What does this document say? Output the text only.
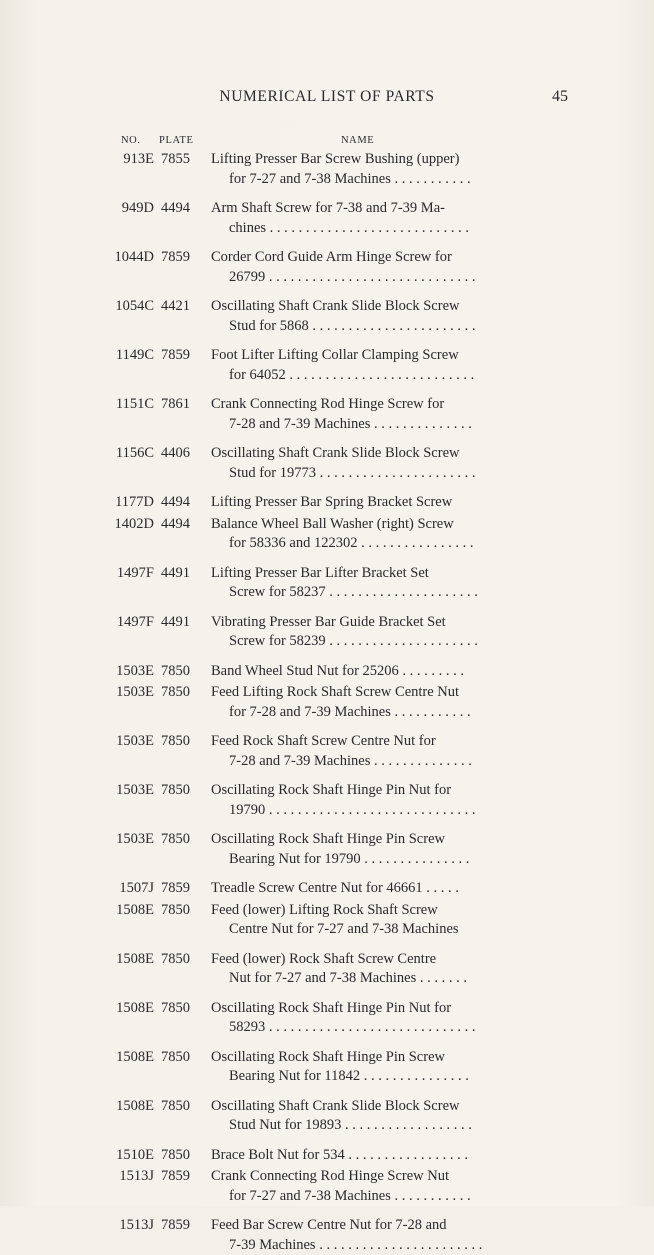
NUMERICAL LIST OF PARTS	45
NO. PLATE	NAME
913E 7855 Lifting Presser Bar Screw Bushing (upper)
for 7-27 and 7-38 Machines . . . . . . . . . . .
949D 4494 Arm Shaft Screw for 7-38 and 7-39 Ma-
chines . . . . . . . . . . . . . . . . . . . . . . . . . . . .
1044D 7859 Corder Cord Guide Arm Hinge Screw for
26799 . . . . . . . . . . . . . . . . . . . . . . . . . . . . .
1054C 4421 Oscillating Shaft Crank Slide Block Screw
Stud for 5868 . . . . . . . . . . . . . . . . . . . . . . .
1149C 7859 Foot Lifter Lifting Collar Clamping Screw
for 64052 . . . . . . . . . . . . . . . . . . . . . . . . . .
1151C 7861 Crank Connecting Rod Hinge Screw for
7-28 and 7-39 Machines . . . . . . . . . . . . . .
1156C 4406 Oscillating Shaft Crank Slide Block Screw
Stud for 19773 . . . . . . . . . . . . . . . . . . . . . .
1177D 4494 Lifting Presser Bar Spring Bracket Screw
1402D 4494 Balance Wheel Ball Washer (right) Screw
for 58336 and 122302 . . . . . . . . . . . . . . . .
1497F 4491 Lifting Presser Bar Lifter Bracket Set
Screw for 58237 . . . . . . . . . . . . . . . . . . . . .
1497F 4491 Vibrating Presser Bar Guide Bracket Set
Screw for 58239 . . . . . . . . . . . . . . . . . . . . .
1503E 7850 Band Wheel Stud Nut for 25206 . . . . . . . . .
1503E 7850 Feed Lifting Rock Shaft Screw Centre Nut
for 7-28 and 7-39 Machines . . . . . . . . . . .
1503E 7850 Feed Rock Shaft Screw Centre Nut for
7-28 and 7-39 Machines . . . . . . . . . . . . . .
1503E 7850 Oscillating Rock Shaft Hinge Pin Nut for
19790 . . . . . . . . . . . . . . . . . . . . . . . . . . . . .
1503E 7850 Oscillating Rock Shaft Hinge Pin Screw
Bearing Nut for 19790 . . . . . . . . . . . . . . .
1507J 7859 Treadle Screw Centre Nut for 46661 . . . . .
1508E 7850 Feed (lower) Lifting Rock Shaft Screw
Centre Nut for 7-27 and 7-38 Machines
1508E 7850 Feed (lower) Rock Shaft Screw Centre
Nut for 7-27 and 7-38 Machines . . . . . . .
1508E 7850 Oscillating Rock Shaft Hinge Pin Nut for
58293 . . . . . . . . . . . . . . . . . . . . . . . . . . . . .
1508E 7850 Oscillating Rock Shaft Hinge Pin Screw
Bearing Nut for 11842 . . . . . . . . . . . . . . .
1508E 7850 Oscillating Shaft Crank Slide Block Screw
Stud Nut for 19893 . . . . . . . . . . . . . . . . . .
1510E 7850 Brace Bolt Nut for 534 . . . . . . . . . . . . . . . . .
1513J 7859 Crank Connecting Rod Hinge Screw Nut
for 7-27 and 7-38 Machines . . . . . . . . . . .
1513J 7859 Feed Bar Screw Centre Nut for 7-28 and
7-39 Machines . . . . . . . . . . . . . . . . . . . . . . .
